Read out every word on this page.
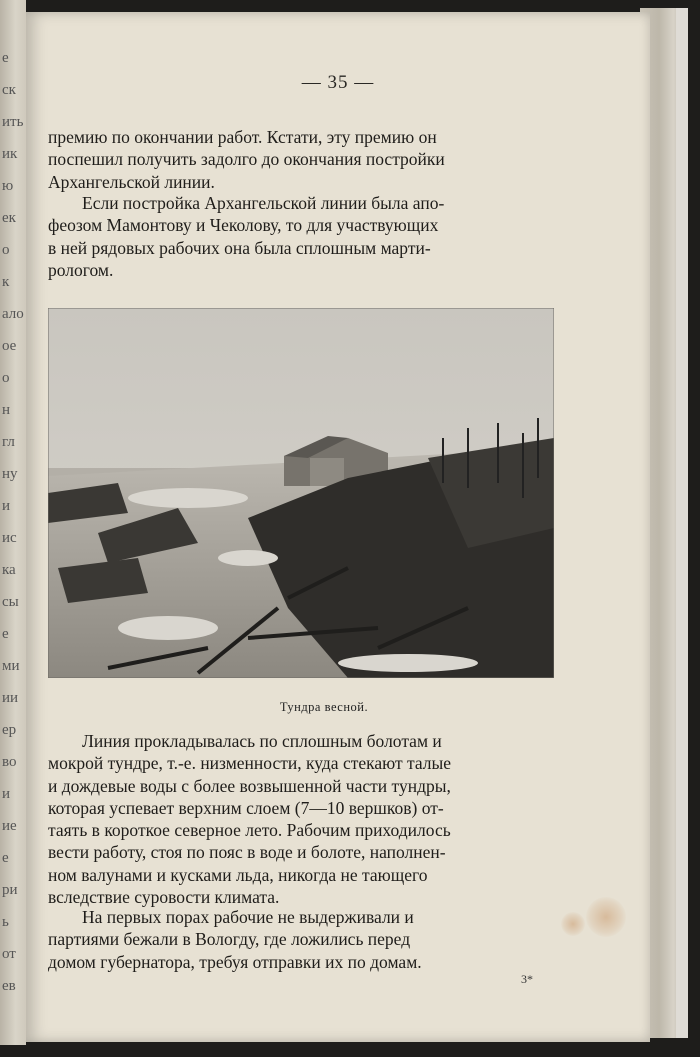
е
ск
ить
ик
ю
ек
о
к
ало
ое
о
н
гл
ну
и
ис
ка
сы
е
ми
ии
ер
во
и
ие
е
ри
ь
от
ев
— 35 —
премию по окончании работ. Кстати, эту премию он
поспешил получить задолго до окончания постройки
Архангельской линии.
Если постройка Архангельской линии была апо-
феозом Мамонтову и Чеколову, то для участвующих
в ней рядовых рабочих она была сплошным марти-
рологом.
Тундра весной.
Линия прокладывалась по сплошным болотам и
мокрой тундре, т.-е. низменности, куда стекают талые
и дождевые воды с более возвышенной части тундры,
которая успевает верхним слоем (7—10 вершков) от-
таять в короткое северное лето. Рабочим приходилось
вести работу, стоя по пояс в воде и болоте, наполнен-
ном валунами и кусками льда, никогда не тающего
вследствие суровости климата.
На первых порах рабочие не выдерживали и
партиями бежали в Вологду, где ложились перед
домом губернатора, требуя отправки их по домам.
3*
